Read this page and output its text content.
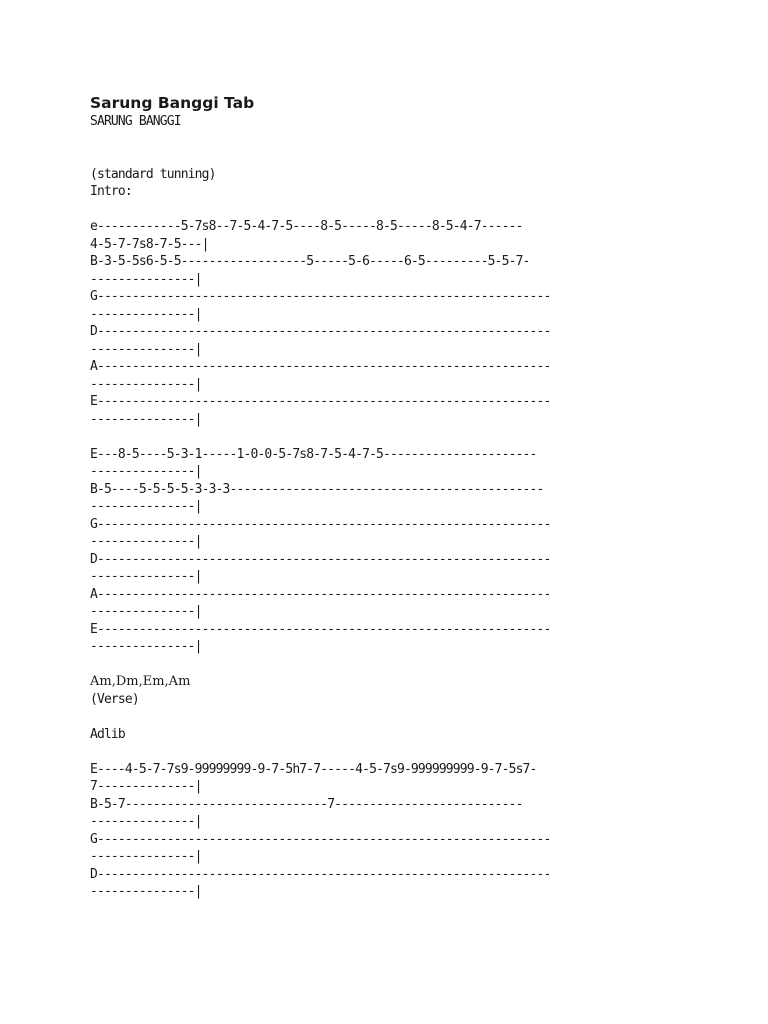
Sarung Banggi Tab

SARUNG BANGGI

(standard tunning)

Intro:

e------------5-7s8--7-5-4-7-5----8-5-----8-5-----8-5-4-7------

4-5-7-7s8-7-5---|

B-3-5-5s6-5-5------------------5-----5-6-----6-5---------5-5-7-

---------------|

G-----------------------------------------------------------------

---------------|

D-----------------------------------------------------------------

---------------|

A-----------------------------------------------------------------

---------------|

E-----------------------------------------------------------------

---------------|

E---8-5----5-3-1-----1-0-0-5-7s8-7-5-4-7-5----------------------

---------------|

B-5----5-5-5-5-3-3-3---------------------------------------------

---------------|

G-----------------------------------------------------------------

---------------|

D-----------------------------------------------------------------

---------------|

A-----------------------------------------------------------------

---------------|

E-----------------------------------------------------------------

---------------|

Am,Dm,Em,Am

(Verse)

Adlib

E----4-5-7-7s9-99999999-9-7-5h7-7-----4-5-7s9-999999999-9-7-5s7-

7--------------|

B-5-7-----------------------------7---------------------------

---------------|

G-----------------------------------------------------------------

---------------|

D-----------------------------------------------------------------

---------------|
